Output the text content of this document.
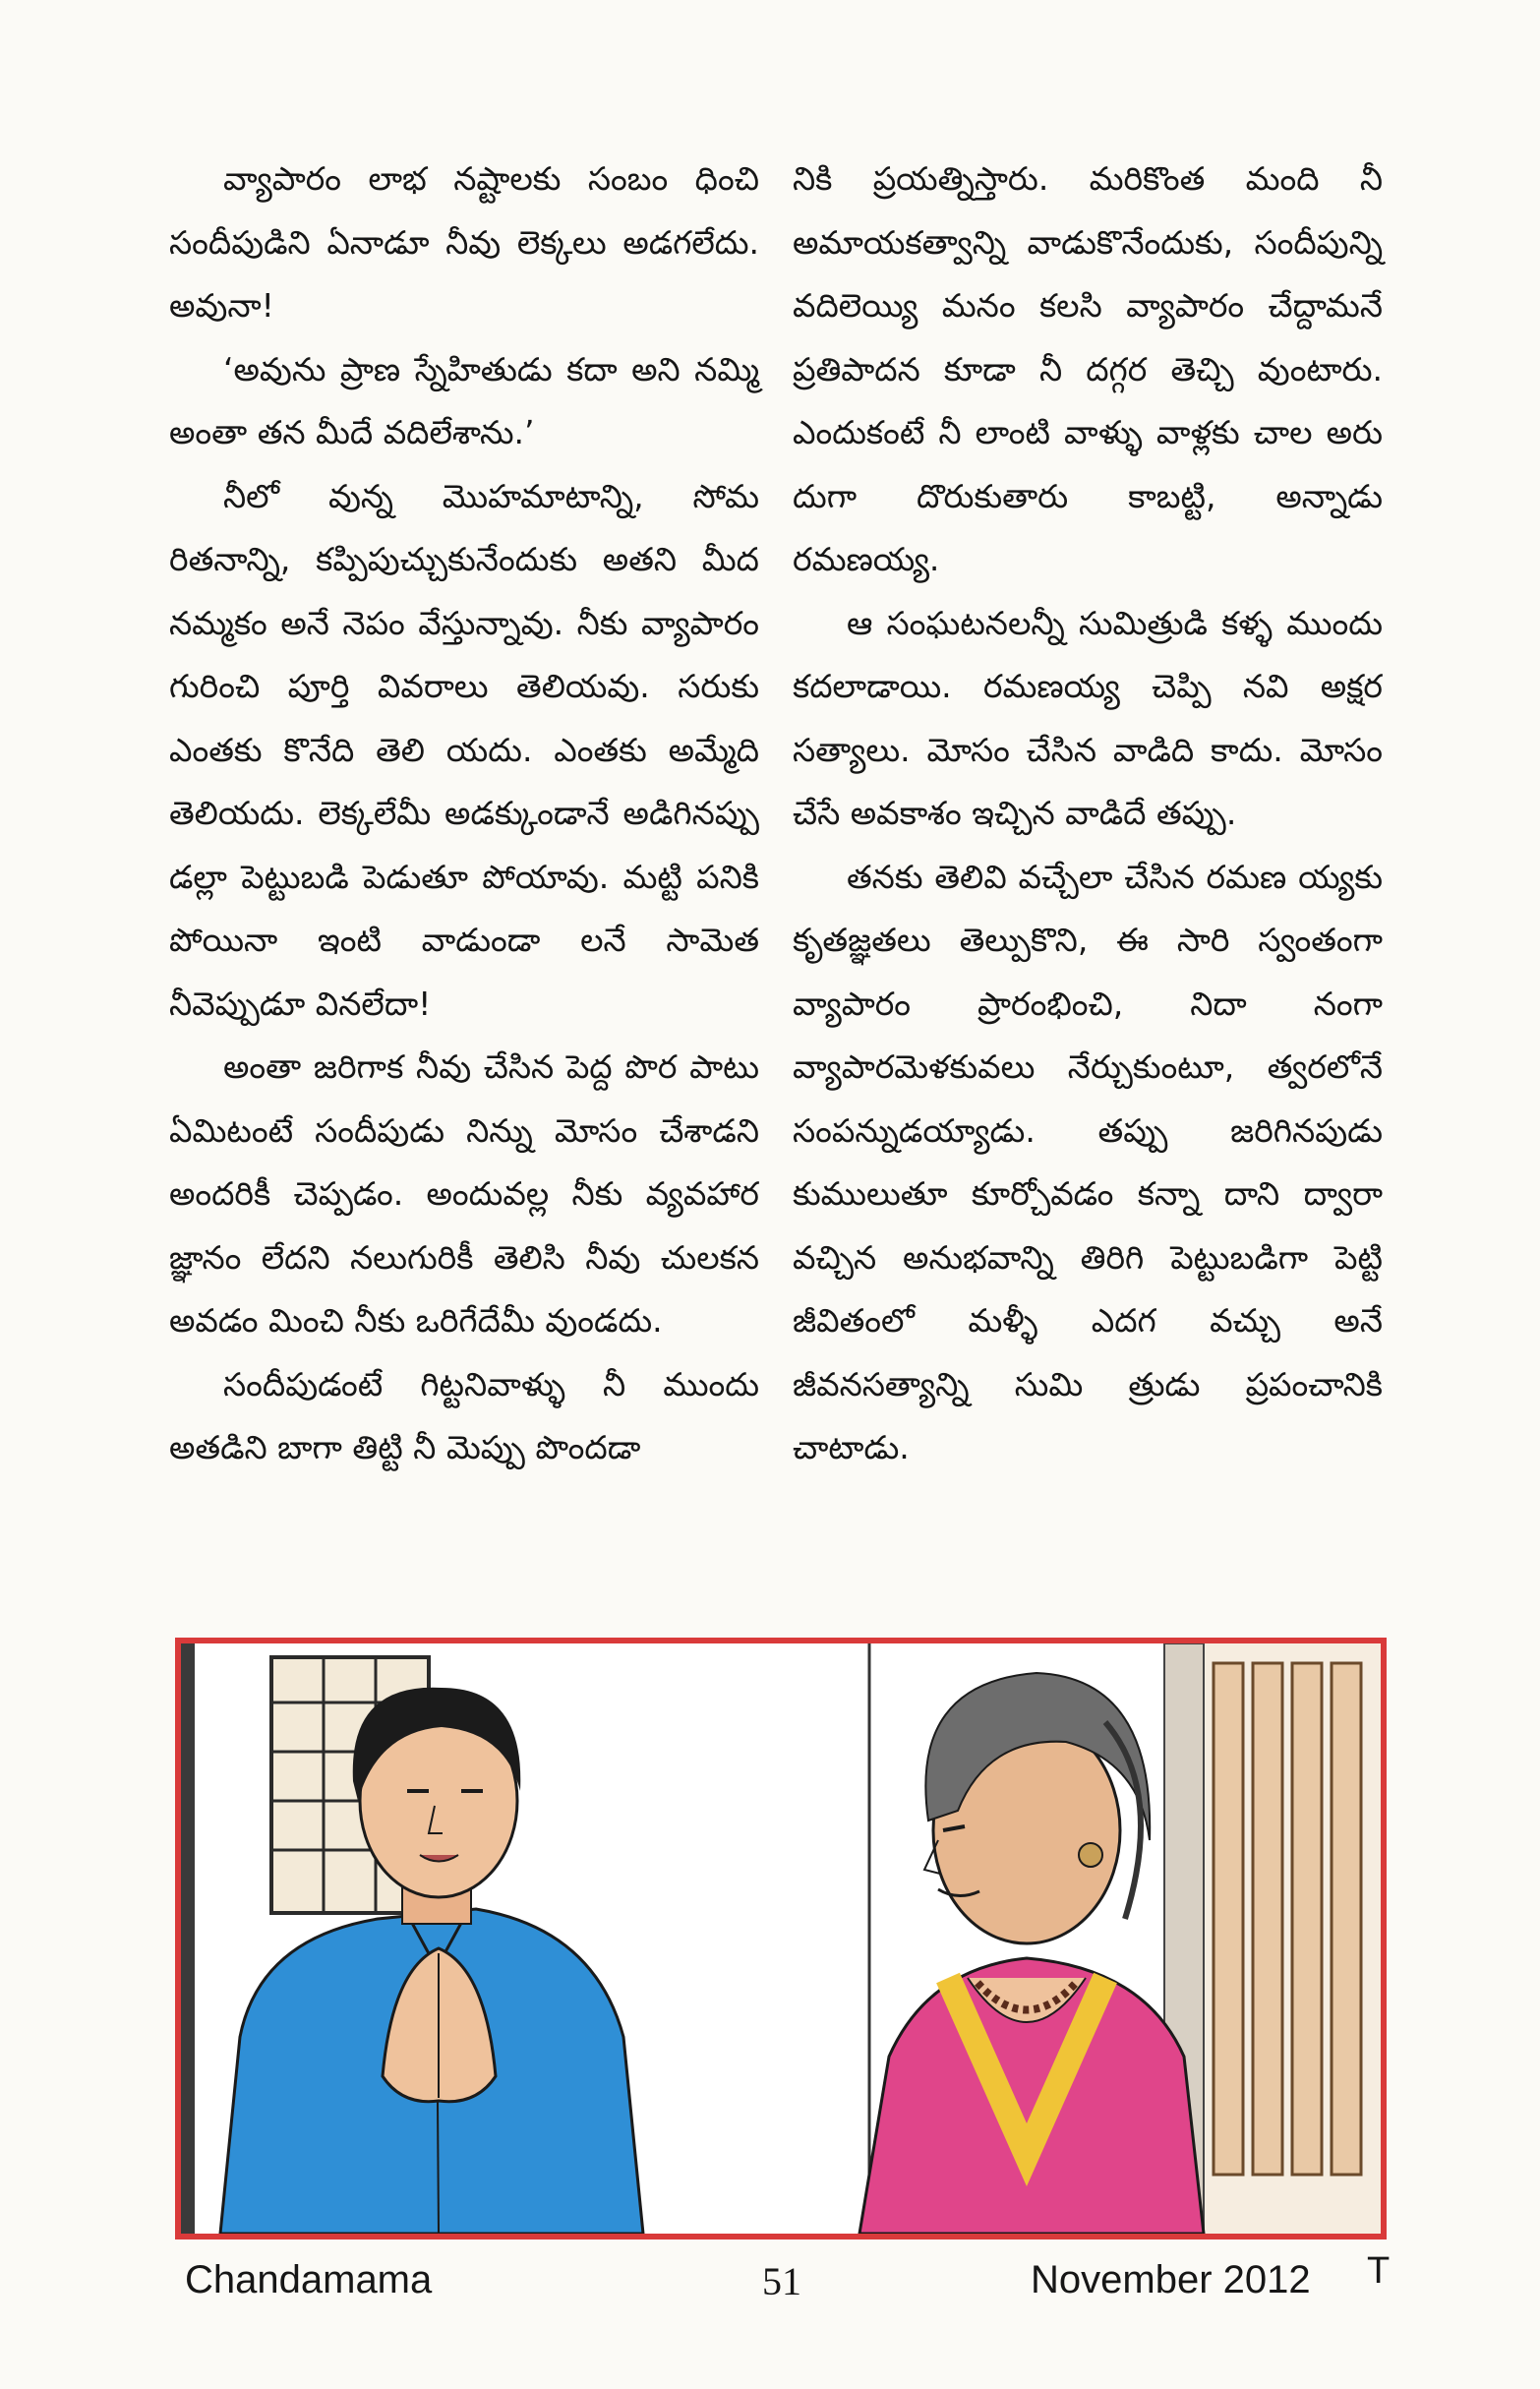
వ్యాపారం లాభ నష్టాలకు సంబం ధించి సందీపుడిని ఏనాడూ నీవు లెక్కలు అడగలేదు. అవునా!

‘అవును ప్రాణ స్నేహితుడు కదా అని నమ్మి అంతా తన మీదే వదిలేశాను.’

నీలో వున్న మొహమాటాన్ని, సోమ రితనాన్ని, కప్పిపుచ్చుకునేందుకు అతని మీద నమ్మకం అనే నెపం వేస్తున్నావు. నీకు వ్యాపారం గురించి పూర్తి వివరాలు తెలియవు. సరుకు ఎంతకు కొనేది తెలి యదు. ఎంతకు అమ్మేది తెలియదు. లెక్కలేమీ అడక్కుండానే అడిగినప్పు డల్లా పెట్టుబడి పెడుతూ పోయావు. మట్టి పనికి పోయినా ఇంటి వాడుండా లనే సామెత నీవెప్పుడూ వినలేదా!

అంతా జరిగాక నీవు చేసిన పెద్ద పొర పాటు ఏమిటంటే సందీపుడు నిన్ను మోసం చేశాడని అందరికీ చెప్పడం. అందువల్ల నీకు వ్యవహార జ్ఞానం లేదని నలుగురికీ తెలిసి నీవు చులకన అవడం మించి నీకు ఒరిగేదేమీ వుండదు.

సందీపుడంటే గిట్టనివాళ్ళు నీ ముందు అతడిని బాగా తిట్టి నీ మెప్పు పొందడా

నికి ప్రయత్నిస్తారు. మరికొంత మంది నీ అమాయకత్వాన్ని వాడుకొనేందుకు, సందీపున్ని వదిలెయ్యి మనం కలసి వ్యాపారం చేద్దామనే ప్రతిపాదన కూడా నీ దగ్గర తెచ్చి వుంటారు. ఎందుకంటే నీ లాంటి వాళ్ళు వాళ్లకు చాల అరు దుగా దొరుకుతారు కాబట్టి, అన్నాడు రమణయ్య.

ఆ సంఘటనలన్నీ సుమిత్రుడి కళ్ళ ముందు కదలాడాయి. రమణయ్య చెప్పి నవి అక్షర సత్యాలు. మోసం చేసిన వాడిది కాదు. మోసం చేసే అవకాశం ఇచ్చిన వాడిదే తప్పు.

తనకు తెలివి వచ్చేలా చేసిన రమణ య్యకు కృతజ్ఞతలు తెల్పుకొని, ఈ సారి స్వంతంగా వ్యాపారం ప్రారంభించి, నిదా నంగా వ్యాపారమెళకువలు నేర్చుకుంటూ, త్వరలోనే సంపన్నుడయ్యాడు. తప్పు జరిగినపుడు కుములుతూ కూర్చోవడం కన్నా దాని ద్వారా వచ్చిన అనుభవాన్ని తిరిగి పెట్టుబడిగా పెట్టి జీవితంలో మళ్ళీ ఎదగ వచ్చు అనే జీవనసత్యాన్ని సుమి త్రుడు ప్రపంచానికి చాటాడు.

Chandamama	51	November 2012 T
